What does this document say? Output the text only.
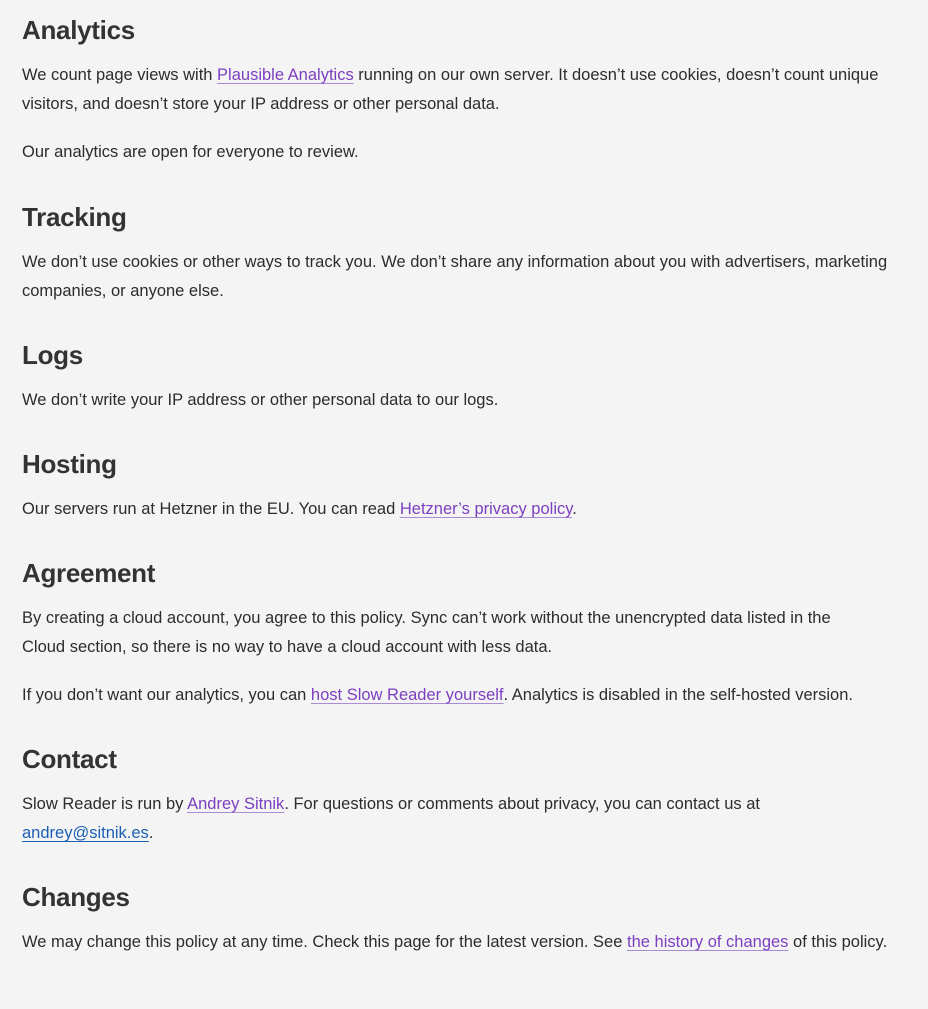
Analytics

We count page views with Plausible Analytics running on our own server. It doesn’t use cookies, doesn’t count unique visitors, and doesn’t store your IP address or other personal data.

Our analytics are open for everyone to review.

Tracking

We don’t use cookies or other ways to track you. We don’t share any information about you with advertisers, marketing companies, or anyone else.

Logs

We don’t write your IP address or other personal data to our logs.

Hosting

Our servers run at Hetzner in the EU. You can read Hetzner’s privacy policy.

Agreement

By creating a cloud account, you agree to this policy. Sync can’t work without the unencrypted data listed in the Cloud section, so there is no way to have a cloud account with less data.

If you don’t want our analytics, you can host Slow Reader yourself. Analytics is disabled in the self-hosted version.

Contact

Slow Reader is run by Andrey Sitnik. For questions or comments about privacy, you can contact us at andrey@sitnik.es.

Changes

We may change this policy at any time. Check this page for the latest version. See the history of changes of this policy.
